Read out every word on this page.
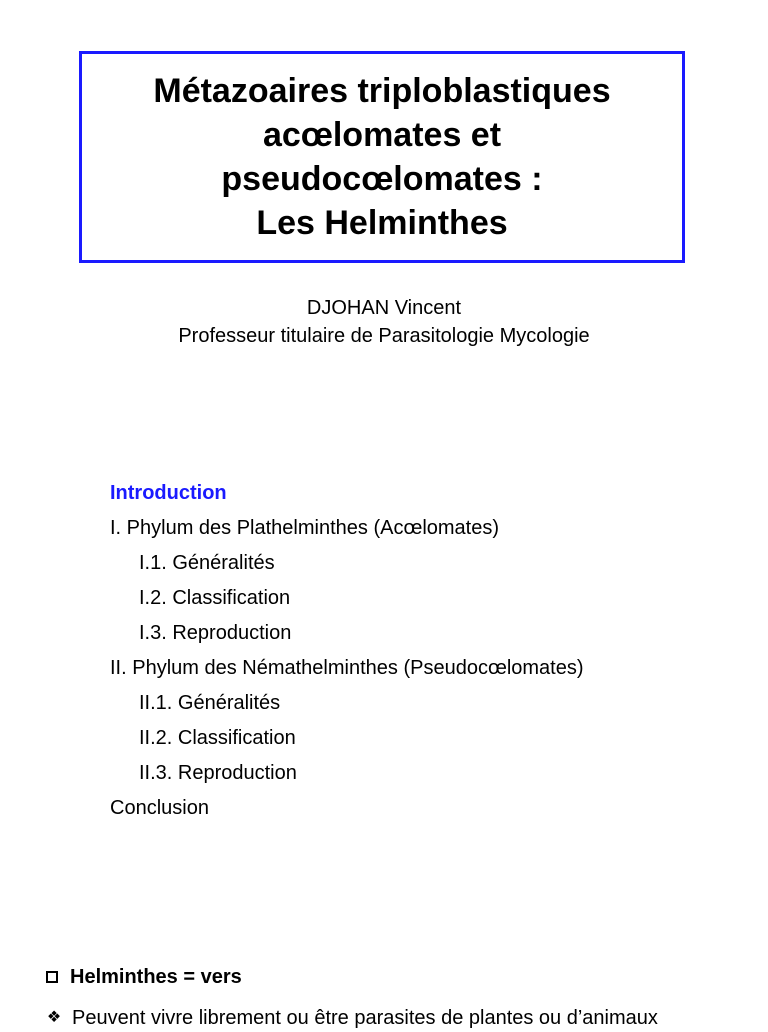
Métazoaires triploblastiques
acœlomates et
pseudocœlomates :
Les Helminthes
DJOHAN Vincent
Professeur titulaire de Parasitologie Mycologie
Introduction
I. Phylum des Plathelminthes (Acœlomates)
I.1. Généralités
I.2. Classification
I.3. Reproduction
II. Phylum des Némathelminthes (Pseudocœlomates)
II.1. Généralités
II.2. Classification
II.3. Reproduction
Conclusion
Helminthes = vers
❖ Peuvent vivre librement ou être parasites de plantes ou d’animaux
